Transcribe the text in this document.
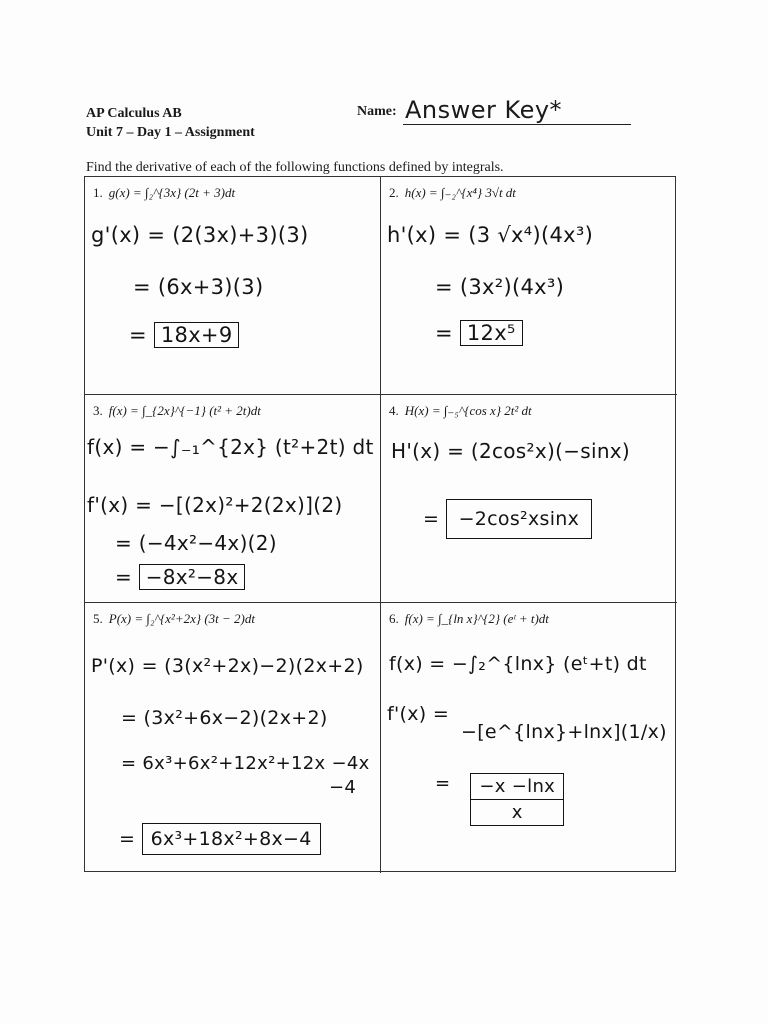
AP Calculus AB
Unit 7 – Day 1 – Assignment
Name: Answer Key*
Find the derivative of each of the following functions defined by integrals.
1. g(x) = ∫₂^{3x} (2t + 3)dt
g'(x) = (2(3x)+3)(3)
= (6x+3)(3)
= 18x+9
2. h(x) = ∫₋₂^{x⁴} 3√t dt
h'(x) = (3 √x⁴)(4x³)
= (3x²)(4x³)
= 12x⁵
3. f(x) = ∫_{2x}^{−1} (t² + 2t)dt
f(x) = −∫₋₁^{2x} (t²+2t) dt
f'(x) = −[(2x)²+2(2x)](2)
= (−4x²−4x)(2)
= −8x²−8x
4. H(x) = ∫₋₅^{cos x} 2t² dt
H'(x) = (2cos²x)(−sinx)
= −2cos²xsinx
5. P(x) = ∫₂^{x²+2x} (3t − 2)dt
P'(x) = (3(x²+2x)−2)(2x+2)
= (3x²+6x−2)(2x+2)
= 6x³+6x²+12x²+12x −4x
−4
= 6x³+18x²+8x−4
6. f(x) = ∫_{ln x}^{2} (eᵗ + t)dt
f(x) = −∫₂^{lnx} (eᵗ+t) dt
f'(x) =
−[e^{lnx}+lnx](1/x)
= $\frac{-x -\ln x}{x}$
